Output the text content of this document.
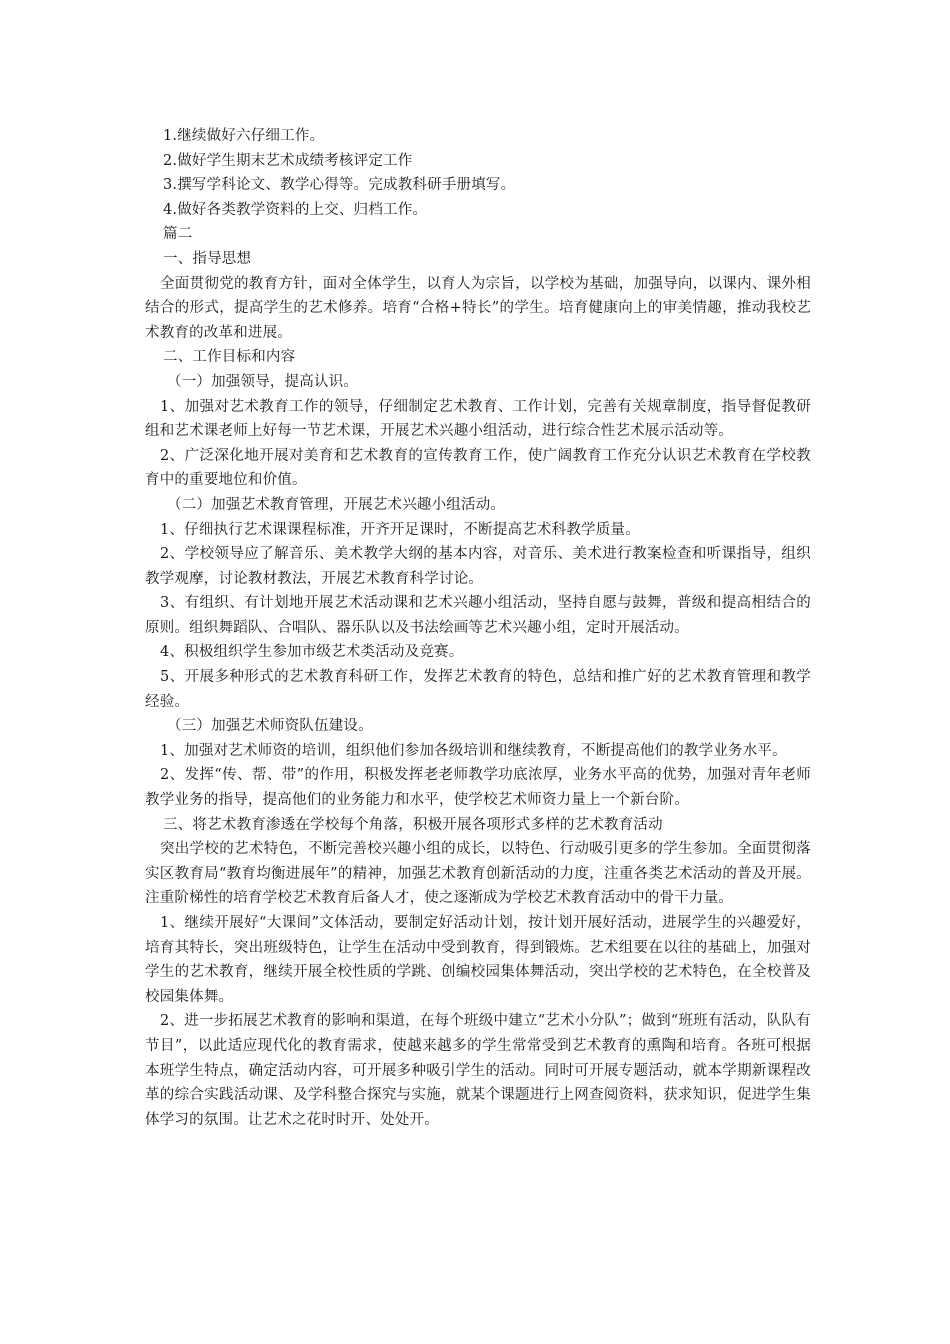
1.继续做好六仔细工作。

2.做好学生期末艺术成绩考核评定工作

3.撰写学科论文、教学心得等。完成教科研手册填写。

4.做好各类教学资料的上交、归档工作。

篇二

一、指导思想

全面贯彻党的教育方针，面对全体学生，以育人为宗旨，以学校为基础，加强导向，以课内、课外相结合的形式，提高学生的艺术修养。培育“合格+特长”的学生。培育健康向上的审美情趣，推动我校艺术教育的改革和进展。

二、工作目标和内容

（一）加强领导，提高认识。

1、加强对艺术教育工作的领导，仔细制定艺术教育、工作计划，完善有关规章制度，指导督促教研组和艺术课老师上好每一节艺术课，开展艺术兴趣小组活动，进行综合性艺术展示活动等。

2、广泛深化地开展对美育和艺术教育的宣传教育工作，使广阔教育工作充分认识艺术教育在学校教育中的重要地位和价值。

（二）加强艺术教育管理，开展艺术兴趣小组活动。

1、仔细执行艺术课课程标准，开齐开足课时，不断提高艺术科教学质量。

2、学校领导应了解音乐、美术教学大纲的基本内容，对音乐、美术进行教案检查和听课指导，组织教学观摩，讨论教材教法，开展艺术教育科学讨论。

3、有组织、有计划地开展艺术活动课和艺术兴趣小组活动，坚持自愿与鼓舞，普级和提高相结合的原则。组织舞蹈队、合唱队、器乐队以及书法绘画等艺术兴趣小组，定时开展活动。

4、积极组织学生参加市级艺术类活动及竞赛。

5、开展多种形式的艺术教育科研工作，发挥艺术教育的特色，总结和推广好的艺术教育管理和教学经验。

（三）加强艺术师资队伍建设。

1、加强对艺术师资的培训，组织他们参加各级培训和继续教育，不断提高他们的教学业务水平。

2、发挥“传、帮、带”的作用，积极发挥老老师教学功底浓厚，业务水平高的优势，加强对青年老师教学业务的指导，提高他们的业务能力和水平，使学校艺术师资力量上一个新台阶。

三、将艺术教育渗透在学校每个角落，积极开展各项形式多样的艺术教育活动

突出学校的艺术特色，不断完善校兴趣小组的成长，以特色、行动吸引更多的学生参加。全面贯彻落实区教育局“教育均衡进展年”的精神，加强艺术教育创新活动的力度，注重各类艺术活动的普及开展。注重阶梯性的培育学校艺术教育后备人才，使之逐渐成为学校艺术教育活动中的骨干力量。

1、继续开展好“大课间”文体活动，要制定好活动计划，按计划开展好活动，进展学生的兴趣爱好，培育其特长，突出班级特色，让学生在活动中受到教育，得到锻炼。艺术组要在以往的基础上，加强对学生的艺术教育，继续开展全校性质的学跳、创编校园集体舞活动，突出学校的艺术特色，在全校普及校园集体舞。

2、进一步拓展艺术教育的影响和渠道，在每个班级中建立“艺术小分队”；做到“班班有活动，队队有节目”，以此适应现代化的教育需求，使越来越多的学生常常受到艺术教育的熏陶和培育。各班可根据本班学生特点，确定活动内容，可开展多种吸引学生的活动。同时可开展专题活动，就本学期新课程改革的综合实践活动课、及学科整合探究与实施，就某个课题进行上网查阅资料，获求知识，促进学生集体学习的氛围。让艺术之花时时开、处处开。
